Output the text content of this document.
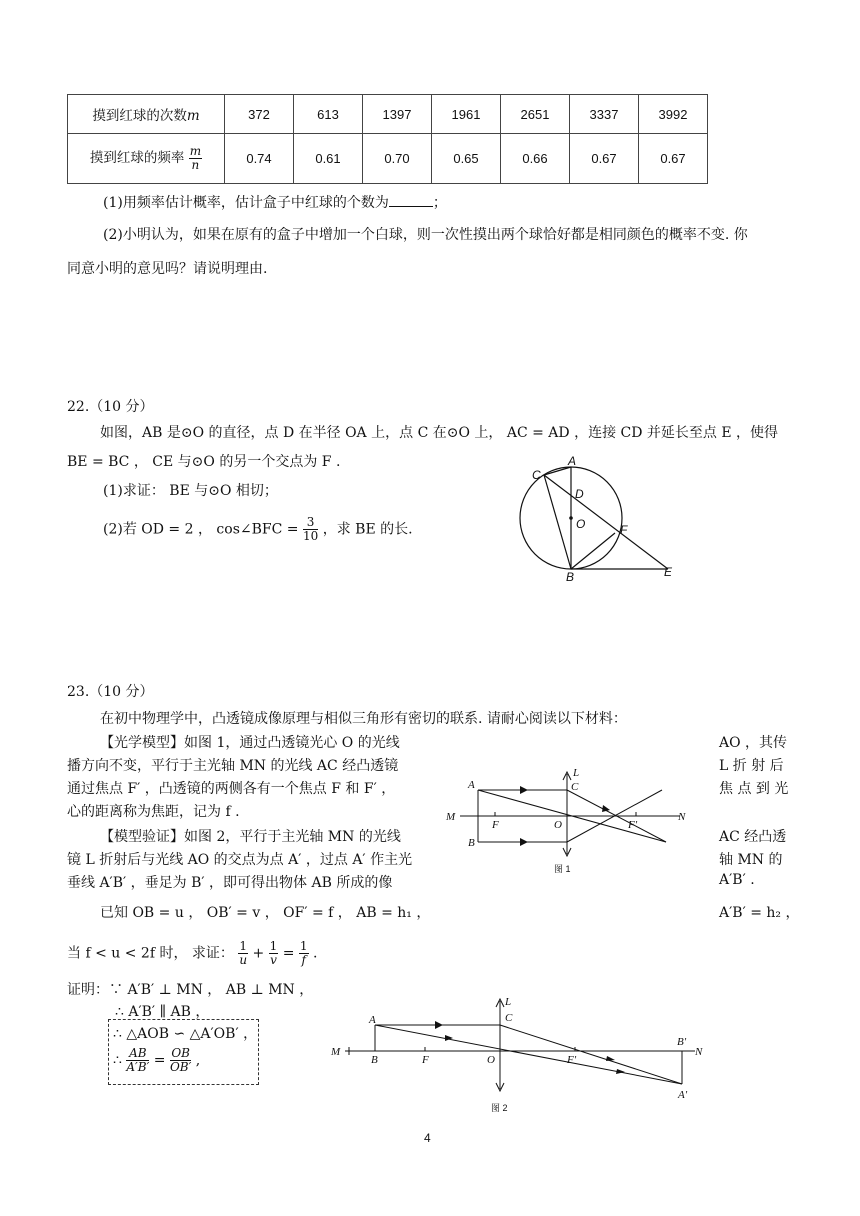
摸到红球的次数m	372	613	1397	1961	2651	3337	3992
摸到红球的频率 $\frac{m}{n}$	0.74	0.61	0.70	0.65	0.66	0.67	0.67
(1)用频率估计概率，估计盒子中红球的个数为	；
(2)小明认为，如果在原有的盒子中增加一个白球，则一次性摸出两个球恰好都是相同颜色的概率不变. 你
同意小明的意见吗？请说明理由.
22.（10 分）
如图，AB 是⊙O 的直径，点 D 在半径 OA 上，点 C 在⊙O 上， AC = AD ，连接 CD 并延长至点 E ，使得
BE = BC ， CE 与⊙O 的另一个交点为 F .
(1)求证： BE 与⊙O 相切；
(2)若 OD = 2 ， cos∠BFC = $\frac{3}{10}$ ，求 BE 的长.
A
C
D
O	F
B	E
23.（10 分）
在初中物理学中，凸透镜成像原理与相似三角形有密切的联系. 请耐心阅读以下材料：
【光学模型】如图 1，通过凸透镜光心 O 的光线	AO ，其传
播方向不变，平行于主光轴 MN 的光线 AC 经凸透镜	L 折 射 后
通过焦点 F′ ，凸透镜的两侧各有一个焦点 F 和 F′ ，	焦 点 到 光
心的距离称为焦距，记为 f .
【模型验证】如图 2，平行于主光轴 MN 的光线	AC 经凸透
镜 L 折射后与光线 AO 的交点为点 A′ ，过点 A′ 作主光	轴 MN 的
垂线 A′B′ ，垂足为 B′ ，即可得出物体 AB 所成的像	A′B′ .
已知 OB = u ， OB′ = v ， OF′ = f ， AB = h₁ ，	A′B′ = h₂ ，
当 f < u < 2f 时， 求证： $\frac{1}{u} + \frac{1}{v} = \frac{1}{f}$ .
证明：∵ A′B′ ⊥ MN ， AB ⊥ MN ，
∴ A′B′ ∥ AB ，
∴ △AOB ∽ △A′OB′ ，
∴ $\frac{AB}{A'B'} = \frac{OB}{OB'}$ ,
A
B
L
C
M	N
F	O	F′
图 1
A
B
L
C
M	N
F	O	F′
A′
B′
图 2
4
